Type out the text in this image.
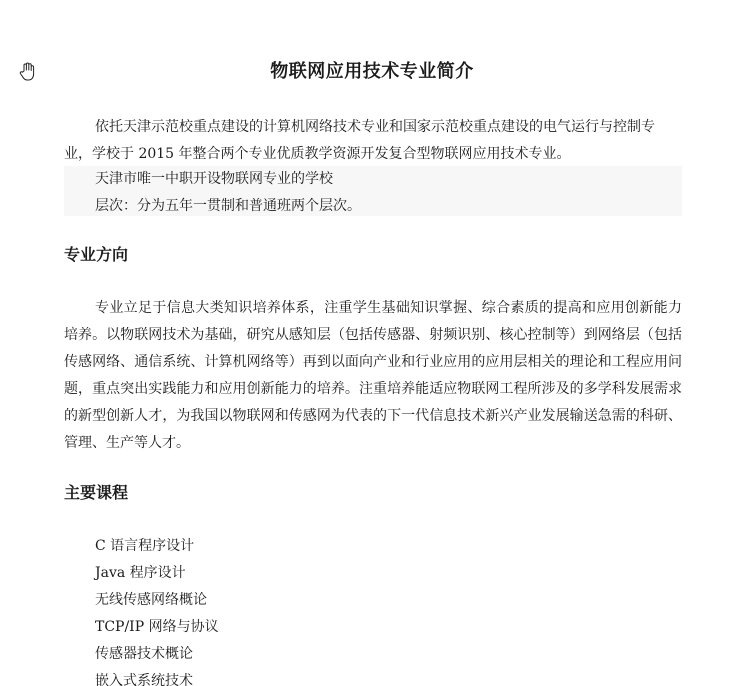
物联网应用技术专业简介

依托天津示范校重点建设的计算机网络技术专业和国家示范校重点建设的电气运行与控制专业，学校于 2015 年整合两个专业优质教学资源开发复合型物联网应用技术专业。

天津市唯一中职开设物联网专业的学校
层次：分为五年一贯制和普通班两个层次。
专业方向

专业立足于信息大类知识培养体系，注重学生基础知识掌握、综合素质的提高和应用创新能力培养。以物联网技术为基础，研究从感知层（包括传感器、射频识别、核心控制等）到网络层（包括传感网络、通信系统、计算机网络等）再到以面向产业和行业应用的应用层相关的理论和工程应用问题，重点突出实践能力和应用创新能力的培养。注重培养能适应物联网工程所涉及的多学科发展需求的新型创新人才，为我国以物联网和传感网为代表的下一代信息技术新兴产业发展输送急需的科研、管理、生产等人才。

主要课程
C 语言程序设计
Java 程序设计
无线传感网络概论
TCP/IP 网络与协议
传感器技术概论
嵌入式系统技术
